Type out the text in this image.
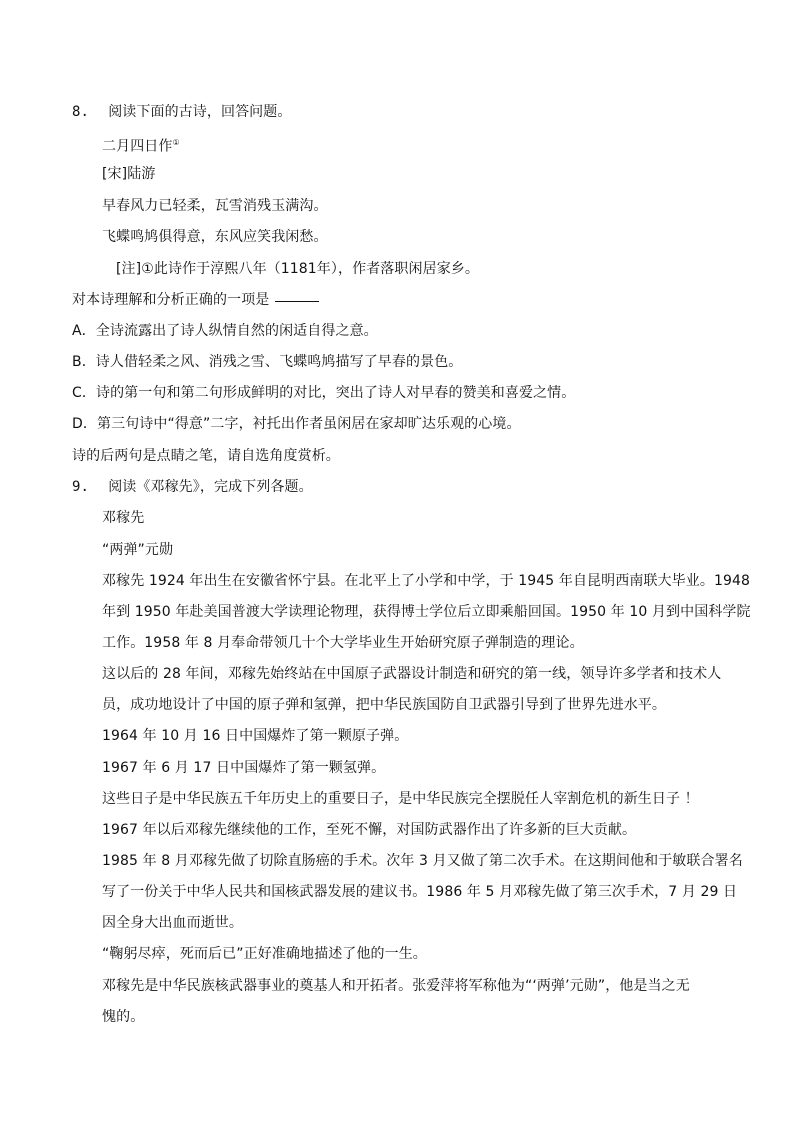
8. 阅读下面的古诗，回答问题。
二月四日作①
[宋]陆游
早春风力已轻柔，瓦雪消残玉满沟。
飞蝶鸣鸠俱得意，东风应笑我闲愁。
[注]①此诗作于淳熙八年（1181年），作者落职闲居家乡。
对本诗理解和分析正确的一项是
A．全诗流露出了诗人纵情自然的闲适自得之意。
B．诗人借轻柔之风、消残之雪、飞蝶鸣鸠描写了早春的景色。
C．诗的第一句和第二句形成鲜明的对比，突出了诗人对早春的赞美和喜爱之情。
D．第三句诗中“得意”二字，衬托出作者虽闲居在家却旷达乐观的心境。
诗的后两句是点睛之笔，请自选角度赏析。
9. 阅读《邓稼先》，完成下列各题。
邓稼先
“两弹”元勋
邓稼先 1924 年出生在安徽省怀宁县。在北平上了小学和中学，于 1945 年自昆明西南联大毕业。1948
年到 1950 年赴美国普渡大学读理论物理，获得博士学位后立即乘船回国。1950 年 10 月到中国科学院
工作。1958 年 8 月奉命带领几十个大学毕业生开始研究原子弹制造的理论。
这以后的 28 年间，邓稼先始终站在中国原子武器设计制造和研究的第一线，领导许多学者和技术人
员，成功地设计了中国的原子弹和氢弹，把中华民族国防自卫武器引导到了世界先进水平。
1964 年 10 月 16 日中国爆炸了第一颗原子弹。
1967 年 6 月 17 日中国爆炸了第一颗氢弹。
这些日子是中华民族五千年历史上的重要日子，是中华民族完全摆脱任人宰割危机的新生日子 ！
1967 年以后邓稼先继续他的工作，至死不懈，对国防武器作出了许多新的巨大贡献。
1985 年 8 月邓稼先做了切除直肠癌的手术。次年 3 月又做了第二次手术。在这期间他和于敏联合署名
写了一份关于中华人民共和国核武器发展的建议书。1986 年 5 月邓稼先做了第三次手术，7 月 29 日
因全身大出血而逝世。
“鞠躬尽瘁，死而后已”正好准确地描述了他的一生。
邓稼先是中华民族核武器事业的奠基人和开拓者。张爱萍将军称他为“‘两弹’元勋”，他是当之无
愧的。
